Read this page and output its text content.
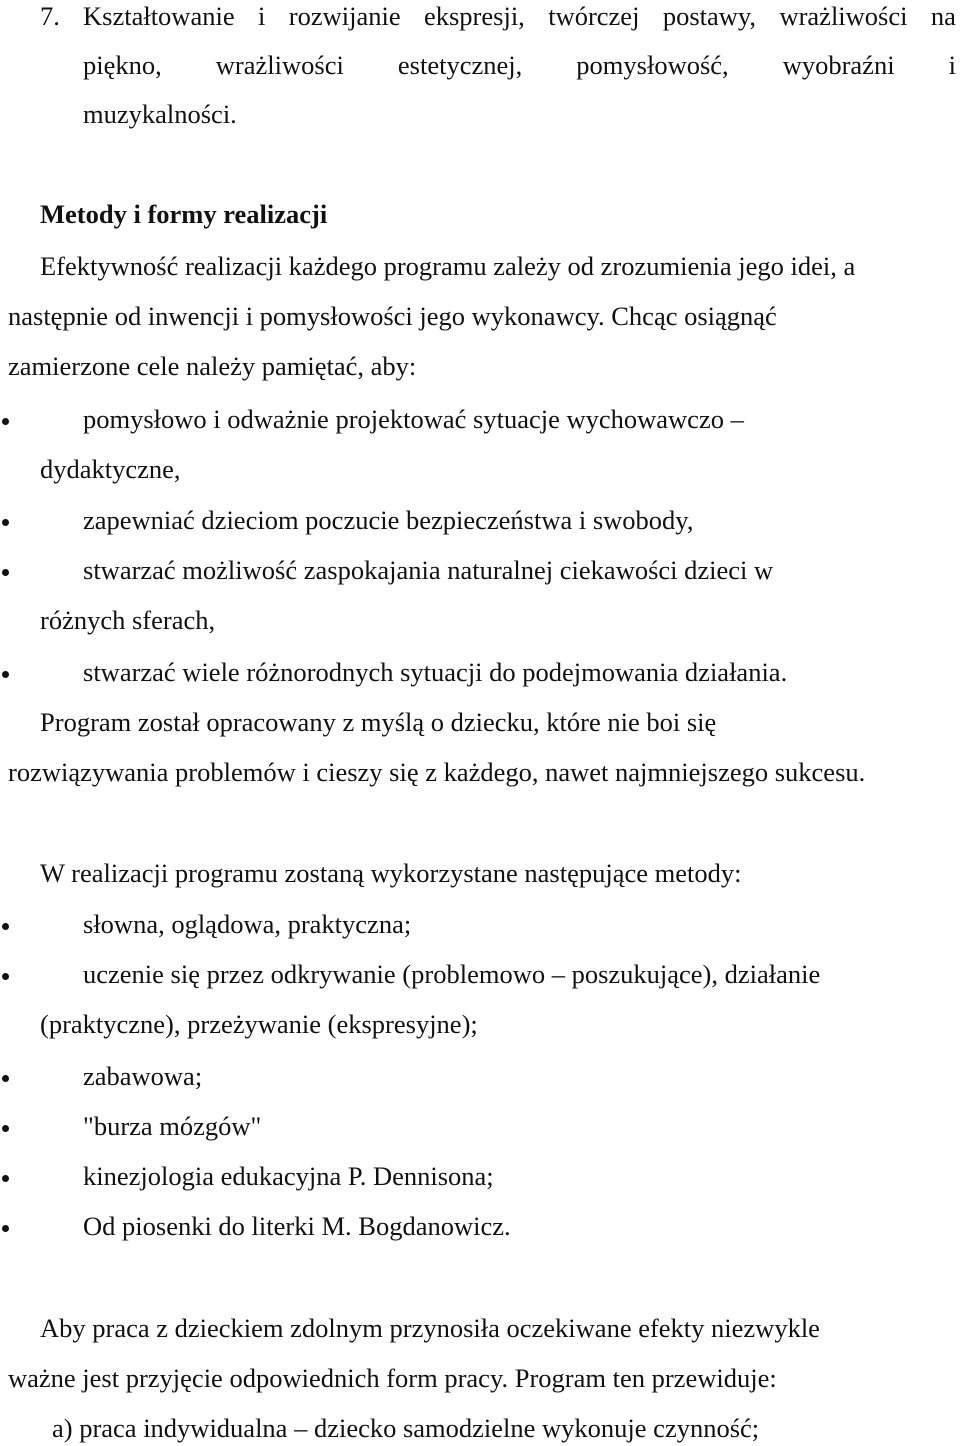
7. Kształtowanie i rozwijanie ekspresji, twórczej postawy, wrażliwości na
piękno, wrażliwości estetycznej, pomysłowość, wyobraźni i
muzykalności.
Metody i formy realizacji
Efektywność realizacji każdego programu zależy od zrozumienia jego idei, a
następnie od inwencji i pomysłowości jego wykonawcy. Chcąc osiągnąć
zamierzone cele należy pamiętać, aby:
pomysłowo i odważnie projektować sytuacje wychowawczo –
dydaktyczne,
zapewniać dzieciom poczucie bezpieczeństwa i swobody,
stwarzać możliwość zaspokajania naturalnej ciekawości dzieci w
różnych sferach,
stwarzać wiele różnorodnych sytuacji do podejmowania działania.
Program został opracowany z myślą o dziecku, które nie boi się
rozwiązywania problemów i cieszy się z każdego, nawet najmniejszego sukcesu.
W realizacji programu zostaną wykorzystane następujące metody:
słowna, oglądowa, praktyczna;
uczenie się przez odkrywanie (problemowo – poszukujące), działanie
(praktyczne), przeżywanie (ekspresyjne);
zabawowa;
"burza mózgów"
kinezjologia edukacyjna P. Dennisona;
Od piosenki do literki M. Bogdanowicz.
Aby praca z dzieckiem zdolnym przynosiła oczekiwane efekty niezwykle
ważne jest przyjęcie odpowiednich form pracy. Program ten przewiduje:
a) praca indywidualna – dziecko samodzielne wykonuje czynność;
